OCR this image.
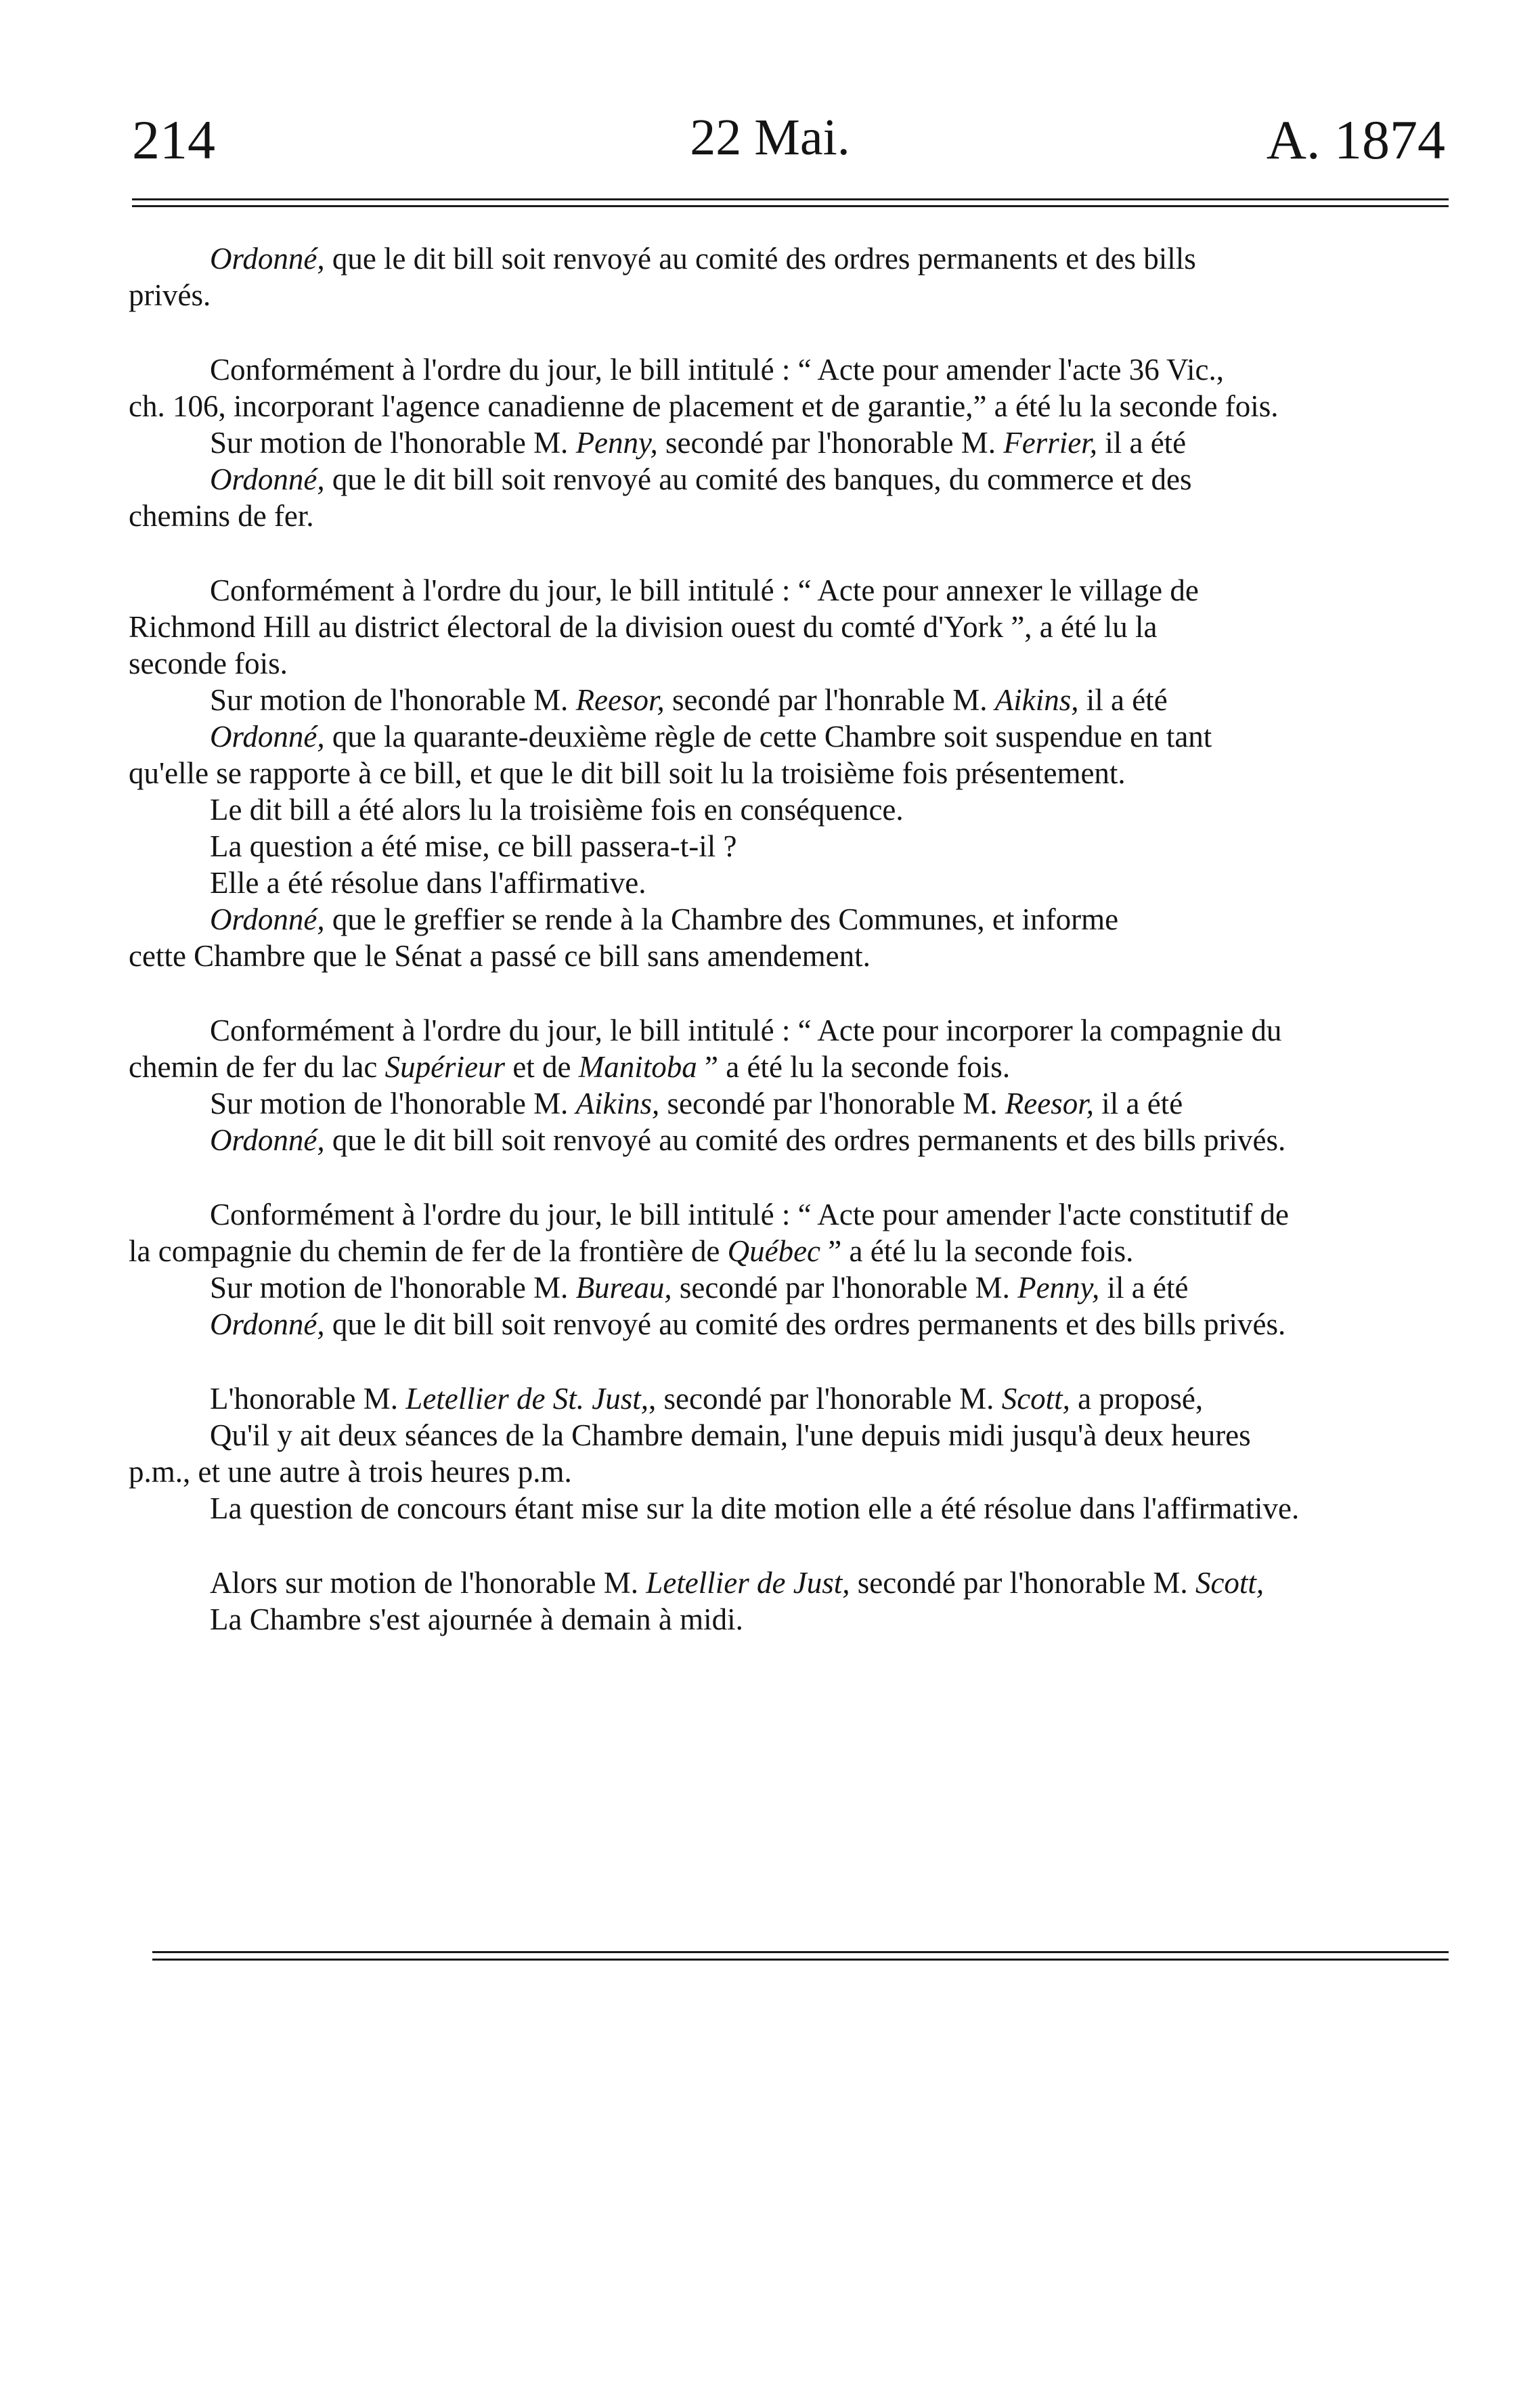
214	22 Mai.	A. 1874
Ordonné, que le dit bill soit renvoyé au comité des ordres permanents et des bills
privés.
Conformément à l'ordre du jour, le bill intitulé : “ Acte pour amender l'acte 36 Vic.,
ch. 106, incorporant l'agence canadienne de placement et de garantie,” a été lu la seconde fois.
Sur motion de l'honorable M. Penny, secondé par l'honorable M. Ferrier, il a été
Ordonné, que le dit bill soit renvoyé au comité des banques, du commerce et des
chemins de fer.
Conformément à l'ordre du jour, le bill intitulé : “ Acte pour annexer le village de
Richmond Hill au district électoral de la division ouest du comté d'York ”, a été lu la
seconde fois.
Sur motion de l'honorable M. Reesor, secondé par l'honrable M. Aikins, il a été
Ordonné, que la quarante-deuxième règle de cette Chambre soit suspendue en tant
qu'elle se rapporte à ce bill, et que le dit bill soit lu la troisième fois présentement.
Le dit bill a été alors lu la troisième fois en conséquence.
La question a été mise, ce bill passera-t-il ?
Elle a été résolue dans l'affirmative.
Ordonné, que le greffier se rende à la Chambre des Communes, et informe
cette Chambre que le Sénat a passé ce bill sans amendement.
Conformément à l'ordre du jour, le bill intitulé : “ Acte pour incorporer la compagnie du
chemin de fer du lac Supérieur et de Manitoba ” a été lu la seconde fois.
Sur motion de l'honorable M. Aikins, secondé par l'honorable M. Reesor, il a été
Ordonné, que le dit bill soit renvoyé au comité des ordres permanents et des bills privés.
Conformément à l'ordre du jour, le bill intitulé : “ Acte pour amender l'acte constitutif de
la compagnie du chemin de fer de la frontière de Québec ” a été lu la seconde fois.
Sur motion de l'honorable M. Bureau, secondé par l'honorable M. Penny, il a été
Ordonné, que le dit bill soit renvoyé au comité des ordres permanents et des bills privés.
L'honorable M. Letellier de St. Just,, secondé par l'honorable M. Scott, a proposé,
Qu'il y ait deux séances de la Chambre demain, l'une depuis midi jusqu'à deux heures
p.m., et une autre à trois heures p.m.
La question de concours étant mise sur la dite motion elle a été résolue dans l'affirmative.
Alors sur motion de l'honorable M. Letellier de Just, secondé par l'honorable M. Scott,
La Chambre s'est ajournée à demain à midi.
